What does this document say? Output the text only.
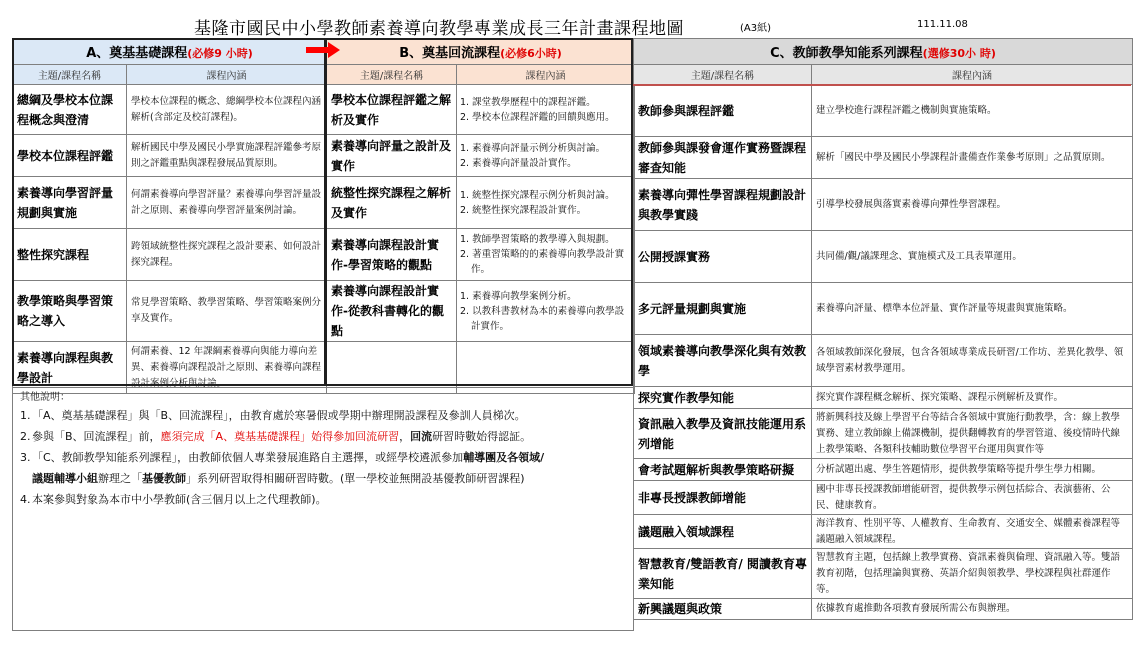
基隆市國民中小學教師素養導向教學專業成長三年計畫課程地圖	(A3紙)	111.11.08
A、奠基基礎課程(必修9 小時)		B、奠基回流課程(必修6小時)	
主題/課程名稱	課程內涵	主題/課程名稱	課程內涵
總綱及學校本位課程概念與澄清	學校本位課程的概念、總綱學校本位課程內涵解析(含部定及校訂課程)。	學校本位課程評鑑之解析及實作	1. 課堂教學歷程中的課程評鑑。
2. 學校本位課程評鑑的回饋與應用。

學校本位課程評鑑	解析國民中學及國民小學實施課程評鑑參考原則之評鑑重點與課程發展品質原則。	素養導向評量之設計及實作	1. 素養導向評量示例分析與討論。
2. 素養導向評量設計實作。

素養導向學習評量規劃與實施	何謂素養導向學習評量？素養導向學習評量設計之原則、素養導向學習評量案例討論。	統整性探究課程之解析及實作	1. 統整性探究課程示例分析與討論。
2. 統整性探究課程設計實作。

整性探究課程	跨領域統整性探究課程之設計要素、如何設計探究課程。	素養導向課程設計實作-學習策略的觀點	1. 教師學習策略的教學導入與規劃。
2. 著重習策略的的素養導向教學設計實作。

教學策略與學習策略之導入	常見學習策略、教學習策略、學習策略案例分享及實作。	素養導向課程設計實作-從教科書轉化的觀點	1. 素養導向教學案例分析。
2. 以教科書教材為本的素養導向教學設計實作。

素養導向課程與教學設計	何謂素養、12 年課綱素養導向與能力導向差異、素養導向課程設計之原則、素養導向課程設計案例分析與討論。		
C、教師教學知能系列課程(選修30小 時)	
主題/課程名稱	課程內涵
教師參與課程評鑑	建立學校進行課程評鑑之機制與實施策略。
教師參與課發會運作實務暨課程審查知能	解析「國民中學及國民小學課程計畫備查作業參考原則」之品質原則。
素養導向彈性學習課程規劃設計與教學實踐	引導學校發展與落實素養導向彈性學習課程。
公開授課實務	共同備/觀/議課理念、實施模式及工具表單運用。
多元評量規劃與實施	素養導向評量、標準本位評量、實作評量等規畫與實施策略。
領域素養導向教學深化與有效教學	各領域教師深化發展，包含各領域專業成長研習/工作坊、差異化教學、領域學習素材教學運用。
探究實作教學知能	探究實作課程概念解析、探究策略、課程示例解析及實作。
資訊融入教學及資訊技能運用系列增能	將新興科技及線上學習平台等結合各領域中實施行動教學，含：線上教學實務、建立教師線上備課機制，提供翻轉教育的學習管道、後疫情時代線上教學策略、各類科技輔助數位學習平台運用與實作等
會考試題解析與教學策略研擬	分析試題出處、學生答題情形，提供教學策略等提升學生學力相關。
非專長授課教師增能	國中非專長授課教師增能研習，提供教學示例包括綜合、表演藝術、公民、健康教育。
議題融入領域課程	海洋教育、性別平等、人權教育、生命教育、交通安全、媒體素養課程等議題融入領域課程。
智慧教育/雙語教育/ 閱讀教育專業知能	智慧教育主題，包括線上教學實務、資訊素養與倫理、資訊融入等。雙語教育初階，包括理論與實務、英語介紹與領教學、學校課程與社群運作等。
新興議題與政策	依據教育處推動各項教育發展所需公布與辦理。
其他說明：
1. 「A、奠基基礎課程」與「B、回流課程」，由教育處於寒暑假或學期中辦理開設課程及參訓人員梯次。
2. 參與「B、回流課程」前，應須完成「A、奠基基礎課程」始得參加回流研習，回流研習時數始得認証。
3. 「C、教師教學知能系列課程」，由教師依個人專業發展進路自主選擇，或經學校遴派參加輔導團及各領域/
議題輔導小組辦理之「基優教師」系列研習取得相關研習時數。(單一學校並無開設基優教師研習課程)
4. 本案參與對象為本市中小學教師(含三個月以上之代理教師)。
